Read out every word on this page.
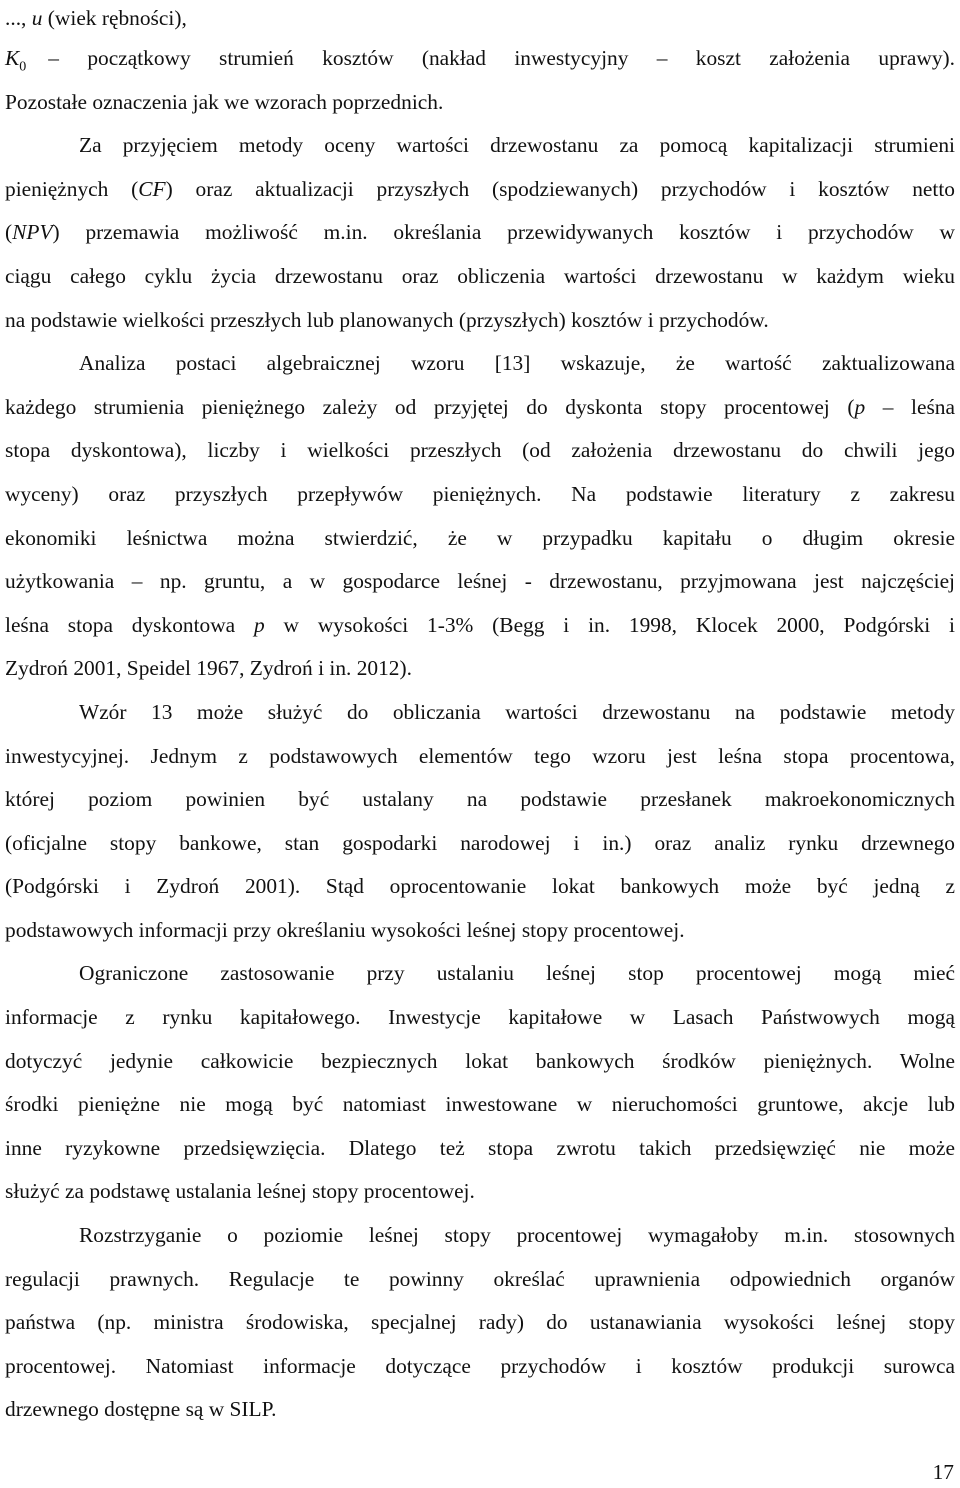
..., u (wiek rębności),
$K_0$	– początkowy strumień kosztów (nakład inwestycyjny – koszt założenia uprawy).
Pozostałe oznaczenia jak we wzorach poprzednich.
Za przyjęciem metody oceny wartości drzewostanu za pomocą kapitalizacji strumieni
pieniężnych (CF) oraz aktualizacji przyszłych (spodziewanych) przychodów i kosztów netto
(NPV) przemawia możliwość m.in. określania przewidywanych kosztów i przychodów w
ciągu całego cyklu życia drzewostanu oraz obliczenia wartości drzewostanu w każdym wieku
na podstawie wielkości przeszłych lub planowanych (przyszłych) kosztów i przychodów.
Analiza postaci algebraicznej wzoru [13] wskazuje, że wartość zaktualizowana
każdego strumienia pieniężnego zależy od przyjętej do dyskonta stopy procentowej (p – leśna
stopa dyskontowa), liczby i wielkości przeszłych (od założenia drzewostanu do chwili jego
wyceny) oraz przyszłych przepływów pieniężnych. Na podstawie literatury z zakresu
ekonomiki leśnictwa można stwierdzić, że w przypadku kapitału o długim okresie
użytkowania – np. gruntu, a w gospodarce leśnej - drzewostanu, przyjmowana jest najczęściej
leśna stopa dyskontowa p w wysokości 1-3% (Begg i in. 1998, Klocek 2000, Podgórski i
Zydroń 2001, Speidel 1967, Zydroń i in. 2012).
Wzór 13 może służyć do obliczania wartości drzewostanu na podstawie metody
inwestycyjnej. Jednym z podstawowych elementów tego wzoru jest leśna stopa procentowa,
której poziom powinien być ustalany na podstawie przesłanek makroekonomicznych
(oficjalne stopy bankowe, stan gospodarki narodowej i in.) oraz analiz rynku drzewnego
(Podgórski i Zydroń 2001). Stąd oprocentowanie lokat bankowych może być jedną z
podstawowych informacji przy określaniu wysokości leśnej stopy procentowej.
Ograniczone zastosowanie przy ustalaniu leśnej stop procentowej mogą mieć
informacje z rynku kapitałowego. Inwestycje kapitałowe w Lasach Państwowych mogą
dotyczyć jedynie całkowicie bezpiecznych lokat bankowych środków pieniężnych. Wolne
środki pieniężne nie mogą być natomiast inwestowane w nieruchomości gruntowe, akcje lub
inne ryzykowne przedsięwzięcia. Dlatego też stopa zwrotu takich przedsięwzięć nie może
służyć za podstawę ustalania leśnej stopy procentowej.
Rozstrzyganie o poziomie leśnej stopy procentowej wymagałoby m.in. stosownych
regulacji prawnych. Regulacje te powinny określać uprawnienia odpowiednich organów
państwa (np. ministra środowiska, specjalnej rady) do ustanawiania wysokości leśnej stopy
procentowej. Natomiast informacje dotyczące przychodów i kosztów produkcji surowca
drzewnego dostępne są w SILP.
17
